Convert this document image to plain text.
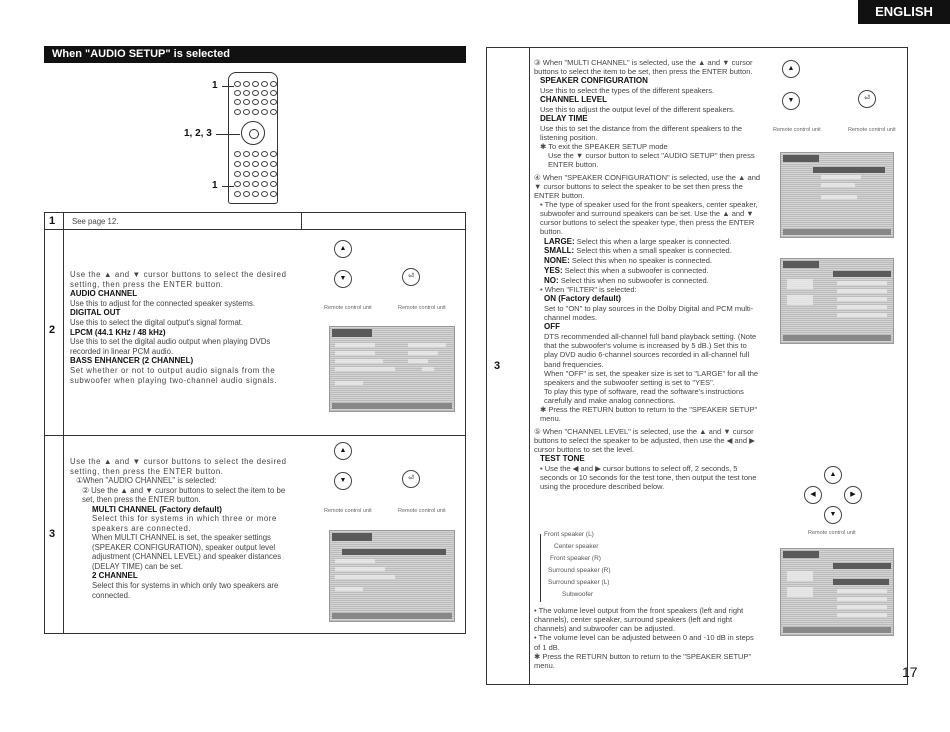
ENGLISH
When "AUDIO SETUP" is selected
1
1, 2, 3
1
1 See page 12.
2

Use the ▲ and ▼ cursor buttons to select the desired setting, then press the ENTER button.

AUDIO CHANNEL

Use this to adjust for the connected speaker systems.

DIGITAL OUT

Use this to select the digital output's signal format.

LPCM (44.1 KHz / 48 kHz)

Use this to set the digital audio output when playing DVDs recorded in linear PCM audio.

BASS ENHANCER (2 CHANNEL)

Set whether or not to output audio signals from the subwoofer when playing two-channel audio signals.

▲
▼	⏎
Remote control unit	Remote control unit
3

Use the ▲ and ▼ cursor buttons to select the desired setting, then press the ENTER button.

①When "AUDIO CHANNEL" is selected:

② Use the ▲ and ▼ cursor buttons to select the item to be set, then press the ENTER button.

MULTI CHANNEL (Factory default)

Select this for systems in which three or more speakers are connected.

When MULTI CHANNEL is set, the speaker settings (SPEAKER CONFIGURATION), speaker output level adjustment (CHANNEL LEVEL) and speaker distances (DELAY TIME) can be set.

2 CHANNEL

Select this for systems in which only two speakers are connected.

▲
▼	⏎
Remote control unit	Remote control unit
3

③ When "MULTI CHANNEL" is selected, use the ▲ and ▼ cursor buttons to select the item to be set, then press the ENTER button.

SPEAKER CONFIGURATION

Use this to select the types of the different speakers.

CHANNEL LEVEL

Use this to adjust the output level of the different speakers.

DELAY TIME

Use this to set the distance from the different speakers to the listening position.

✱ To exit the SPEAKER SETUP mode

Use the ▼ cursor button to select "AUDIO SETUP" then press ENTER button.

④ When "SPEAKER CONFIGURATION" is selected, use the ▲ and ▼ cursor buttons to select the speaker to be set then press the ENTER button.

• The type of speaker used for the front speakers, center speaker, subwoofer and surround speakers can be set. Use the ▲ and ▼ cursor buttons to select the speaker type, then press the ENTER button.

LARGE: Select this when a large speaker is connected.

SMALL: Select this when a small speaker is connected.

NONE: Select this when no speaker is connected.

YES: Select this when a subwoofer is connected.

NO: Select this when no subwoofer is connected.

• When "FILTER" is selected:

ON (Factory default)

Set to "ON" to play sources in the Dolby Digital and PCM multi-channel modes.

OFF

DTS recommended all-channel full band playback setting. (Note that the subwoofer's volume is increased by 5 dB.) Set this to play DVD audio 6-channel sources recorded in all-channel full band frequencies.

When "OFF" is set, the speaker size is set to "LARGE" for all the speakers and the subwoofer setting is set to "YES".

To play this type of software, read the software's instructions carefully and make analog connections.

✱ Press the RETURN button to return to the "SPEAKER SETUP" menu.

⑤ When "CHANNEL LEVEL" is selected, use the ▲ and ▼ cursor buttons to select the speaker to be adjusted, then use the ◀ and ▶ cursor buttons to set the level.

TEST TONE

• Use the ◀ and ▶ cursor buttons to select off, 2 seconds, 5 seconds or 10 seconds for the test tone, then output the test tone using the procedure described below.

Front speaker (L)
Center speaker
Front speaker (R)
Surround speaker (R)
Surround speaker (L)
Subwoofer

• The volume level output from the front speakers (left and right channels), center speaker, surround speakers (left and right channels) and subwoofer can be adjusted.

• The volume level can be adjusted between 0 and -10 dB in steps of 1 dB.

✱ Press the RETURN button to return to the "SPEAKER SETUP" menu.

▲
▼	⏎
Remote control unit	Remote control unit
▲
◀	▶
▼
Remote control unit
17
